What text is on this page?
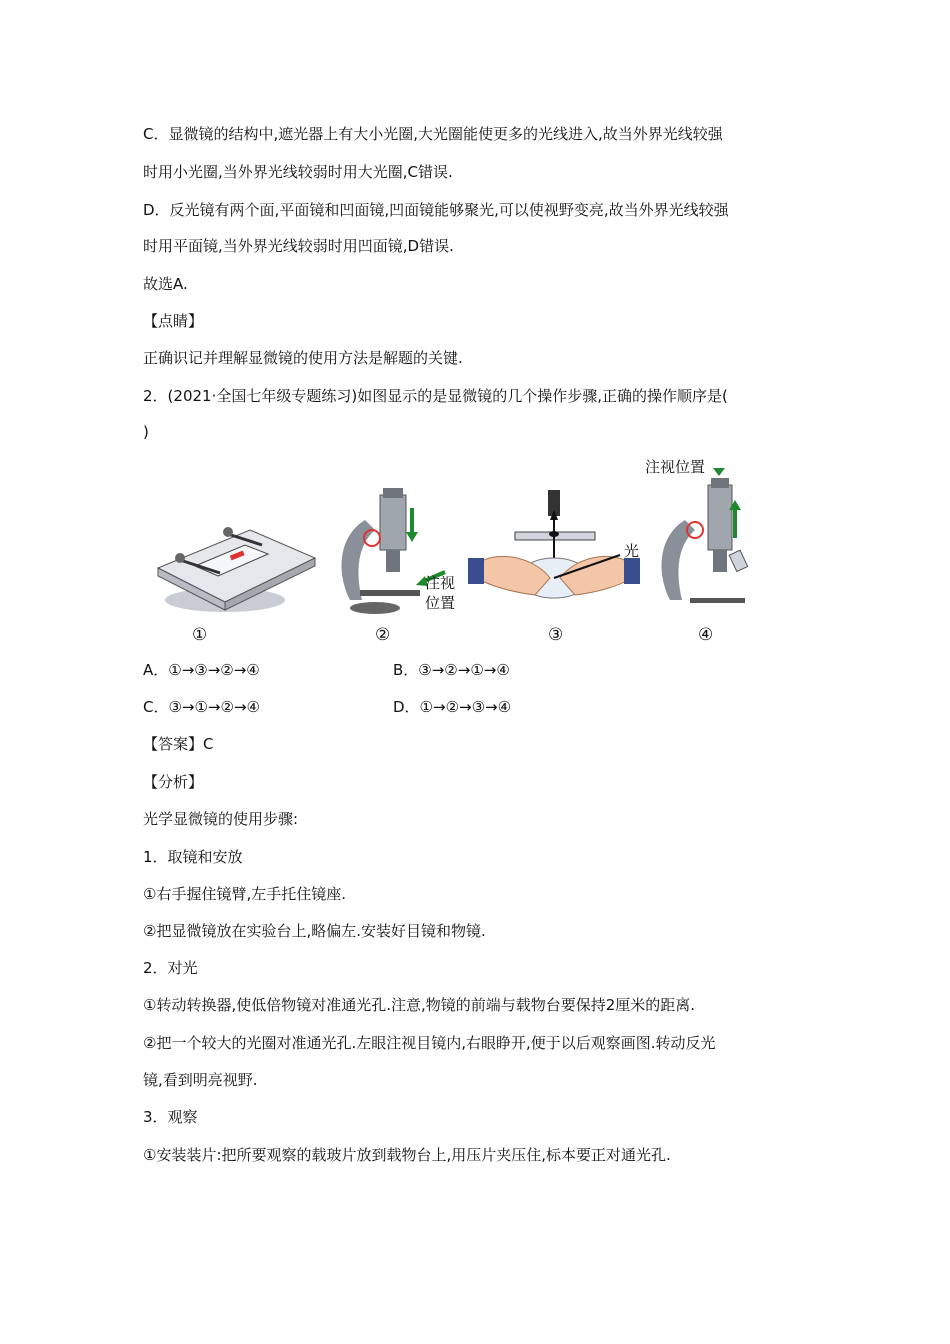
C．显微镜的结构中,遮光器上有大小光圈,大光圈能使更多的光线进入,故当外界光线较强
时用小光圈,当外界光线较弱时用大光圈,C错误.
D．反光镜有两个面,平面镜和凹面镜,凹面镜能够聚光,可以使视野变亮,故当外界光线较强
时用平面镜,当外界光线较弱时用凹面镜,D错误.
故选A.
【点睛】
正确识记并理解显微镜的使用方法是解题的关键.
2．(2021·全国七年级专题练习)如图显示的是显微镜的几个操作步骤,正确的操作顺序是(
)
注视位置
注视
位置
光
①	②	③	④
A．①→③→②→④	B．③→②→①→④
C．③→①→②→④	D．①→②→③→④
【答案】C
【分析】
光学显微镜的使用步骤:
1．取镜和安放
①右手握住镜臂,左手托住镜座.
②把显微镜放在实验台上,略偏左.安装好目镜和物镜.
2．对光
①转动转换器,使低倍物镜对准通光孔.注意,物镜的前端与载物台要保持2厘米的距离.
②把一个较大的光圈对准通光孔.左眼注视目镜内,右眼睁开,便于以后观察画图.转动反光
镜,看到明亮视野.
3．观察
①安装装片:把所要观察的载玻片放到载物台上,用压片夹压住,标本要正对通光孔.
